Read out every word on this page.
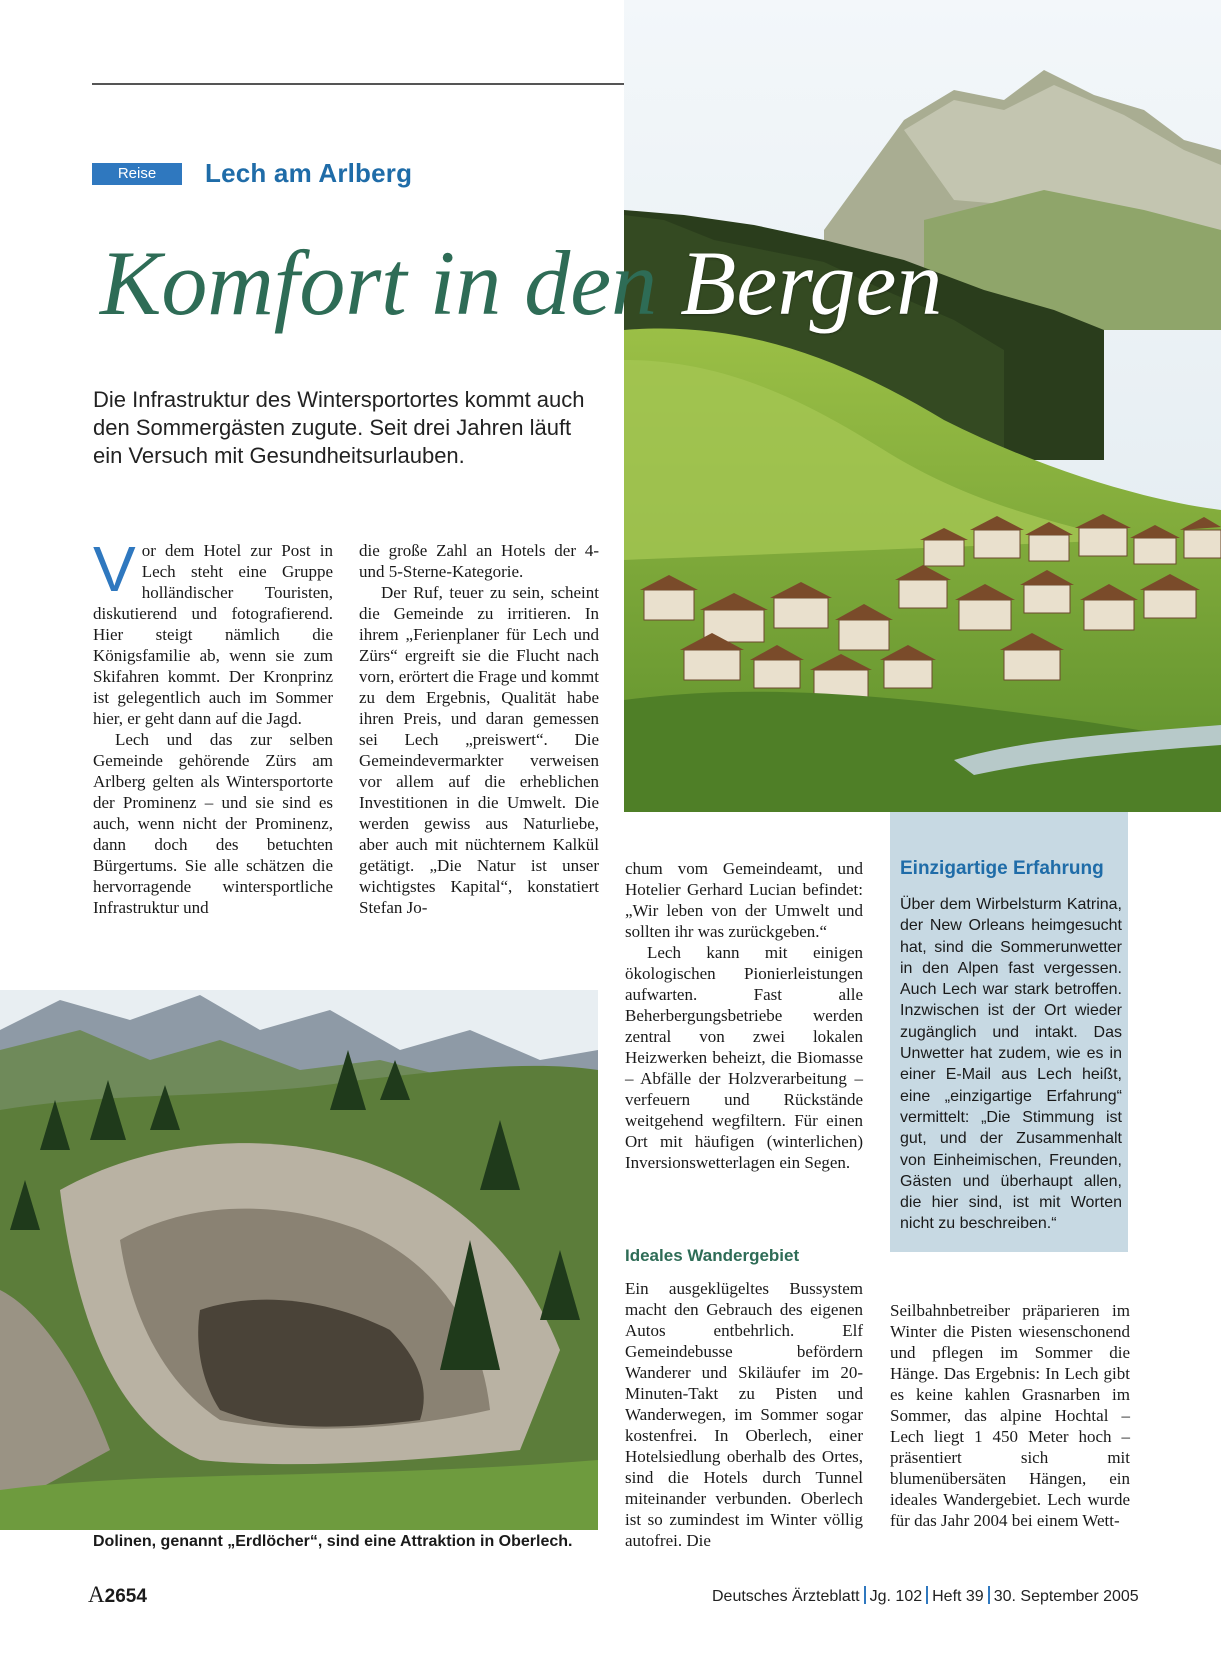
Reise	Lech am Arlberg
Komfort in den Bergen
Die Infrastruktur des Wintersportortes kommt auch den Sommergästen zugute. Seit drei Jahren läuft ein Versuch mit Gesundheitsurlauben.

Vor dem Hotel zur Post in Lech steht eine Gruppe holländischer Touristen, diskutierend und fotografierend. Hier steigt nämlich die Königsfamilie ab, wenn sie zum Skifahren kommt. Der Kronprinz ist gelegentlich auch im Sommer hier, er geht dann auf die Jagd.

Lech und das zur selben Gemeinde gehörende Zürs am Arlberg gelten als Wintersportorte der Prominenz – und sie sind es auch, wenn nicht der Prominenz, dann doch des betuchten Bürgertums. Sie alle schätzen die hervorragende wintersportliche Infrastruktur und

die große Zahl an Hotels der 4- und 5-Sterne-Kategorie.

Der Ruf, teuer zu sein, scheint die Gemeinde zu irritieren. In ihrem „Ferienplaner für Lech und Zürs“ ergreift sie die Flucht nach vorn, erörtert die Frage und kommt zu dem Ergebnis, Qualität habe ihren Preis, und daran gemessen sei Lech „preiswert“. Die Gemeindevermarkter verweisen vor allem auf die erheblichen Investitionen in die Umwelt. Die werden gewiss aus Naturliebe, aber auch mit nüchternem Kalkül getätigt. „Die Natur ist unser wichtigstes Kapital“, konstatiert Stefan Jo-

chum vom Gemeindeamt, und Hotelier Gerhard Lucian befindet: „Wir leben von der Umwelt und sollten ihr was zurückgeben.“

Lech kann mit einigen ökologischen Pionierleistungen aufwarten. Fast alle Beherbergungsbetriebe werden zentral von zwei lokalen Heizwerken beheizt, die Biomasse – Abfälle der Holzverarbeitung – verfeuern und Rückstände weitgehend wegfiltern. Für einen Ort mit häufigen (winterlichen) Inversionswetterlagen ein Segen.

Ideales Wandergebiet

Ein ausgeklügeltes Bussystem macht den Gebrauch des eigenen Autos entbehrlich. Elf Gemeindebusse befördern Wanderer und Skiläufer im 20-Minuten-Takt zu Pisten und Wanderwegen, im Sommer sogar kostenfrei. In Oberlech, einer Hotelsiedlung oberhalb des Ortes, sind die Hotels durch Tunnel miteinander verbunden. Oberlech ist so zumindest im Winter völlig autofrei. Die

Einzigartige Erfahrung
Über dem Wirbelsturm Katrina, der New Orleans heimgesucht hat, sind die Sommerunwetter in den Alpen fast vergessen. Auch Lech war stark betroffen. Inzwischen ist der Ort wieder zugänglich und intakt. Das Unwetter hat zudem, wie es in einer E-Mail aus Lech heißt, eine „einzigartige Erfahrung“ vermittelt: „Die Stimmung ist gut, und der Zusammenhalt von Einheimischen, Freunden, Gästen und überhaupt allen, die hier sind, ist mit Worten nicht zu beschreiben.“

Seilbahnbetreiber präparieren im Winter die Pisten wiesenschonend und pflegen im Sommer die Hänge. Das Ergebnis: In Lech gibt es keine kahlen Grasnarben im Sommer, das alpine Hochtal – Lech liegt 1 450 Meter hoch – präsentiert sich mit blumenübersäten Hängen, ein ideales Wandergebiet. Lech wurde für das Jahr 2004 bei einem Wett-

Dolinen, genannt „Erdlöcher“, sind eine Attraktion in Oberlech.
A2654	Deutsches Ärzteblatt Jg. 102 Heft 39 30. September 2005
